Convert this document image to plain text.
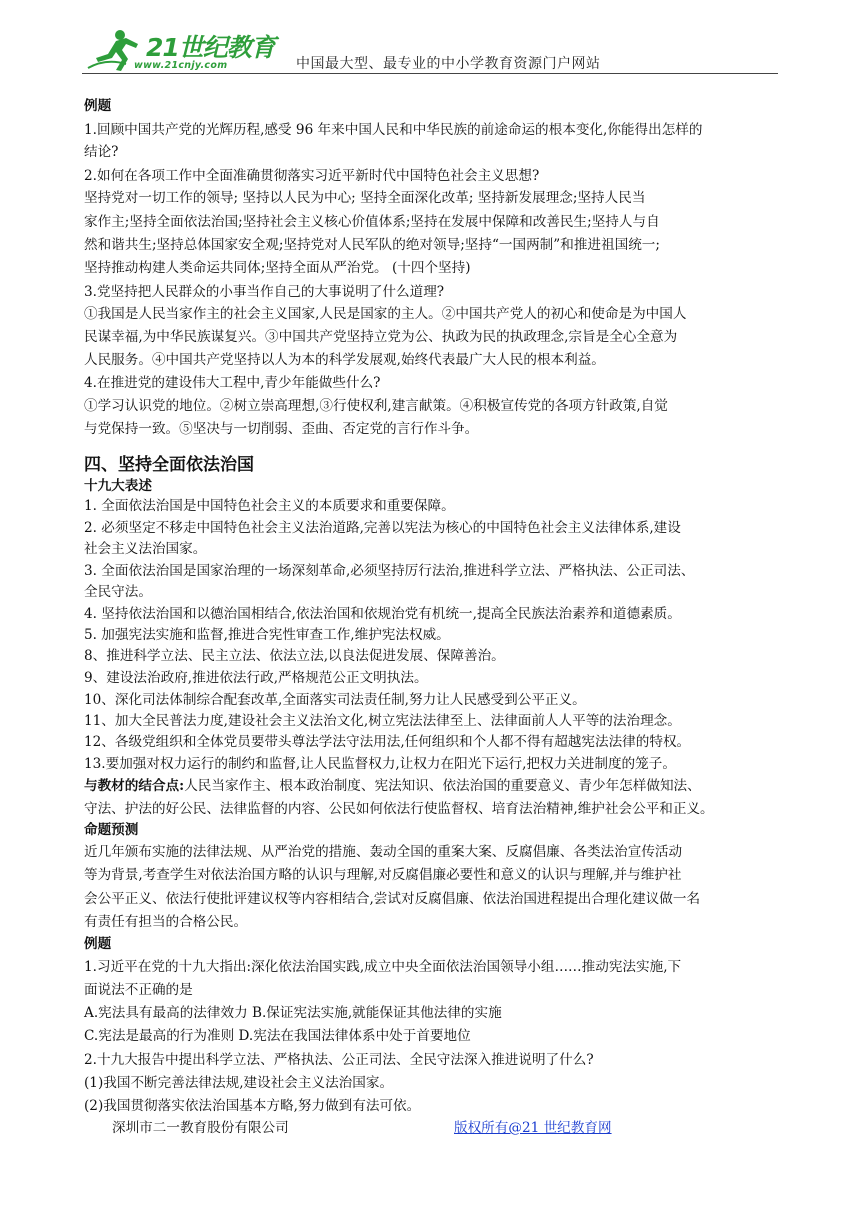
21世纪教育
www.21cnjy.com	中国最大型、最专业的中小学教育资源门户网站
例题
1.回顾中国共产党的光辉历程,感受 96 年来中国人民和中华民族的前途命运的根本变化,你能得出怎样的
结论?
2.如何在各项工作中全面准确贯彻落实习近平新时代中国特色社会主义思想?
坚持党对一切工作的领导; 坚持以人民为中心; 坚持全面深化改革; 坚持新发展理念;坚持人民当
家作主;坚持全面依法治国;坚持社会主义核心价值体系;坚持在发展中保障和改善民生;坚持人与自
然和谐共生;坚持总体国家安全观;坚持党对人民军队的绝对领导;坚持“一国两制”和推进祖国统一;
坚持推动构建人类命运共同体;坚持全面从严治党。 (十四个坚持)
3.党坚持把人民群众的小事当作自己的大事说明了什么道理?
①我国是人民当家作主的社会主义国家,人民是国家的主人。②中国共产党人的初心和使命是为中国人
民谋幸福,为中华民族谋复兴。③中国共产党坚持立党为公、执政为民的执政理念,宗旨是全心全意为
人民服务。④中国共产党坚持以人为本的科学发展观,始终代表最广大人民的根本利益。
4.在推进党的建设伟大工程中,青少年能做些什么?
①学习认识党的地位。②树立崇高理想,③行使权利,建言献策。④积极宣传党的各项方针政策,自觉
与党保持一致。⑤坚决与一切削弱、歪曲、否定党的言行作斗争。
四、坚持全面依法治国
十九大表述
1. 全面依法治国是中国特色社会主义的本质要求和重要保障。
2. 必须坚定不移走中国特色社会主义法治道路,完善以宪法为核心的中国特色社会主义法律体系,建设
社会主义法治国家。
3. 全面依法治国是国家治理的一场深刻革命,必须坚持厉行法治,推进科学立法、严格执法、公正司法、
全民守法。
4. 坚持依法治国和以德治国相结合,依法治国和依规治党有机统一,提高全民族法治素养和道德素质。
5. 加强宪法实施和监督,推进合宪性审查工作,维护宪法权威。
8、推进科学立法、民主立法、依法立法,以良法促进发展、保障善治。
9、建设法治政府,推进依法行政,严格规范公正文明执法。
10、深化司法体制综合配套改革,全面落实司法责任制,努力让人民感受到公平正义。
11、加大全民普法力度,建设社会主义法治文化,树立宪法法律至上、法律面前人人平等的法治理念。
12、各级党组织和全体党员要带头尊法学法守法用法,任何组织和个人都不得有超越宪法法律的特权。
13.要加强对权力运行的制约和监督,让人民监督权力,让权力在阳光下运行,把权力关进制度的笼子。
与教材的结合点:人民当家作主、根本政治制度、宪法知识、依法治国的重要意义、青少年怎样做知法、
守法、护法的好公民、法律监督的内容、公民如何依法行使监督权、培育法治精神,维护社会公平和正义。
命题预测
近几年颁布实施的法律法规、从严治党的措施、轰动全国的重案大案、反腐倡廉、各类法治宣传活动
等为背景,考查学生对依法治国方略的认识与理解,对反腐倡廉必要性和意义的认识与理解,并与维护社
会公平正义、依法行使批评建议权等内容相结合,尝试对反腐倡廉、依法治国进程提出合理化建议做一名
有责任有担当的合格公民。
例题
1.习近平在党的十九大指出:深化依法治国实践,成立中央全面依法治国领导小组……推动宪法实施,下
面说法不正确的是
A.宪法具有最高的法律效力 B.保证宪法实施,就能保证其他法律的实施
C.宪法是最高的行为准则 D.宪法在我国法律体系中处于首要地位
2.十九大报告中提出科学立法、严格执法、公正司法、全民守法深入推进说明了什么?
(1)我国不断完善法律法规,建设社会主义法治国家。
(2)我国贯彻落实依法治国基本方略,努力做到有法可依。
深圳市二一教育股份有限公司	版权所有@21 世纪教育网
